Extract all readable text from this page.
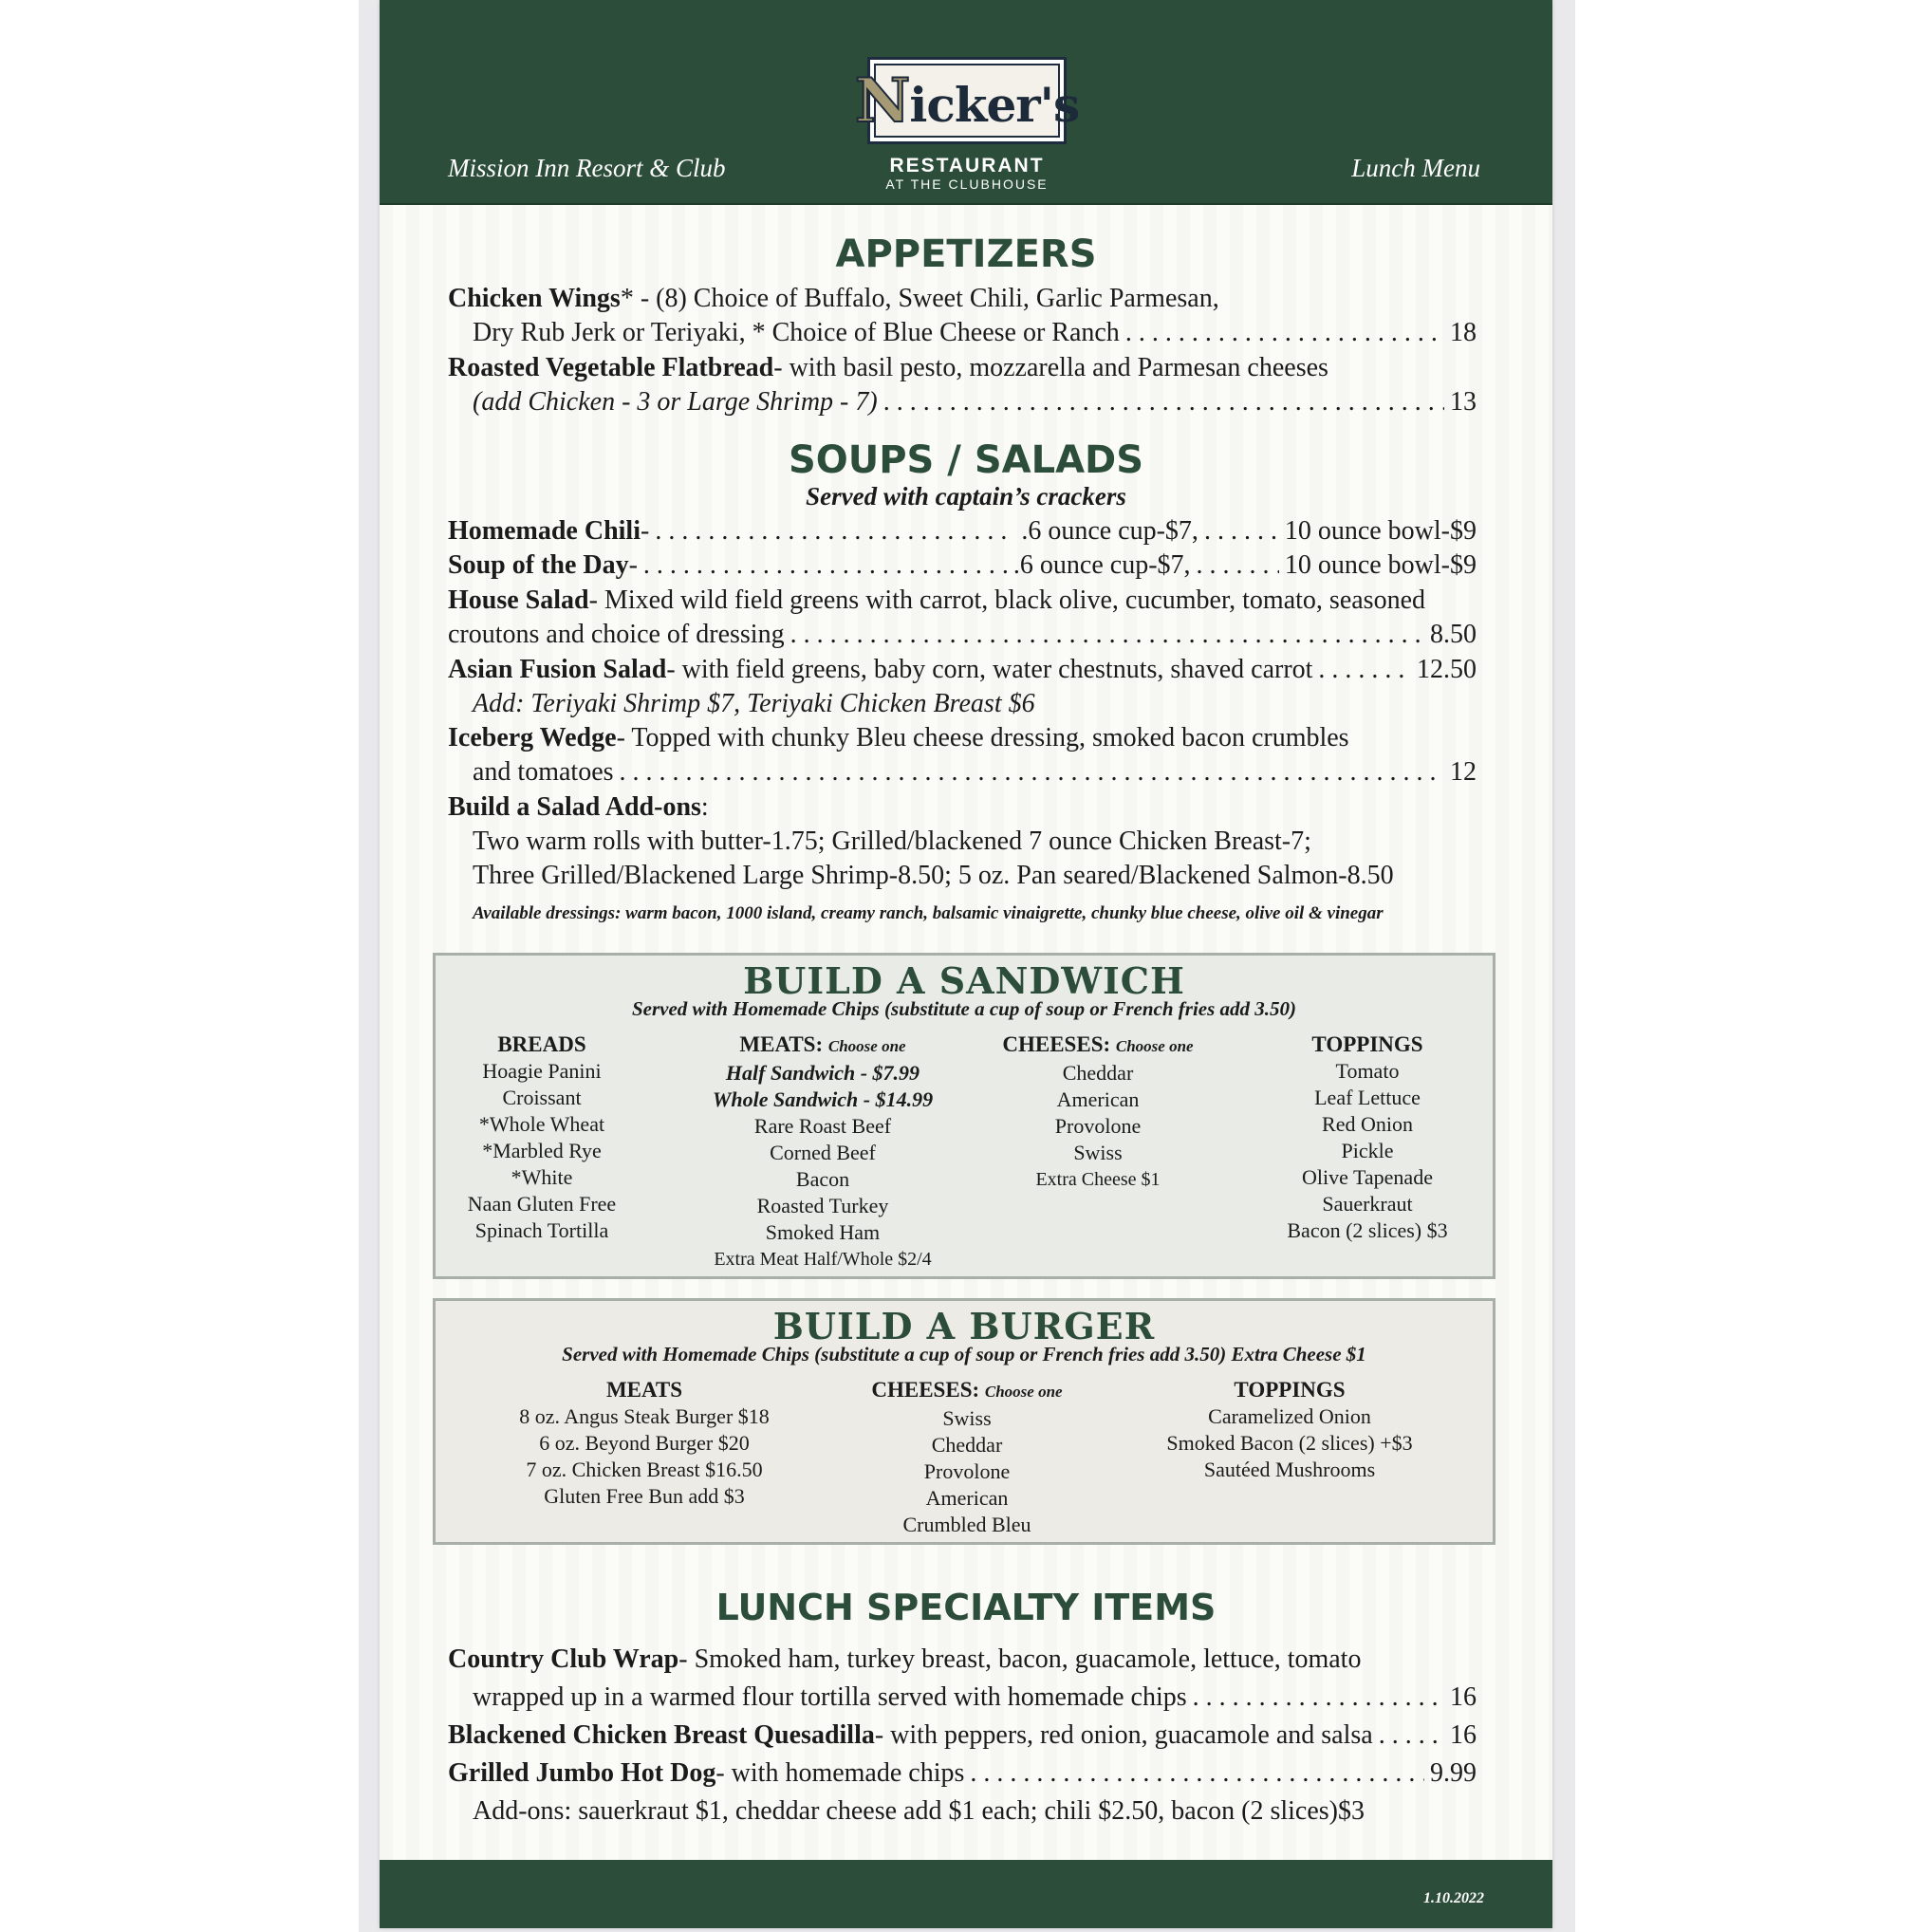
Nicker's
Mission Inn Resort & Club	RESTAURANT
AT THE CLUBHOUSE
Lunch Menu
APPETIZERS
Chicken Wings * - (8) Choice of Buffalo, Sweet Chili, Garlic Parmesan,
Dry Rub Jerk or Teriyaki, * Choice of Blue Cheese or Ranch . . .	18
Roasted Vegetable Flatbread - with basil pesto, mozzarella and Parmesan cheeses
(add Chicken - 3 or Large Shrimp - 7) . . .	13
SOUPS / SALADS
Served with captain’s crackers
Homemade Chili - . . .	.6 ounce cup-$7, . . .	10 ounce bowl-$9
Soup of the Day - . . .	.6 ounce cup-$7, . . .	10 ounce bowl-$9
House Salad - Mixed wild field greens with carrot, black olive, cucumber, tomato, seasoned
croutons and choice of dressing . . .	8.50
Asian Fusion Salad - with field greens, baby corn, water chestnuts, shaved carrot . . .	12.50
Add: Teriyaki Shrimp $7, Teriyaki Chicken Breast $6
Iceberg Wedge - Topped with chunky Bleu cheese dressing, smoked bacon crumbles
and tomatoes . . .	12
Build a Salad Add-ons :
Two warm rolls with butter-1.75; Grilled/blackened 7 ounce Chicken Breast-7;
Three Grilled/Blackened Large Shrimp-8.50; 5 oz. Pan seared/Blackened Salmon-8.50
Available dressings: warm bacon, 1000 island, creamy ranch, balsamic vinaigrette, chunky blue cheese, olive oil & vinegar
BUILD A SANDWICH
Served with Homemade Chips (substitute a cup of soup or French fries add 3.50)
BREADS
Hoagie Panini
Croissant
*Whole Wheat
*Marbled Rye
*White
Naan Gluten Free
Spinach Tortilla
MEATS: Choose one
Half Sandwich - $7.99
Whole Sandwich - $14.99
Rare Roast Beef
Corned Beef
Bacon
Roasted Turkey
Smoked Ham
Extra Meat Half/Whole $2/4
CHEESES: Choose one
Cheddar
American
Provolone
Swiss
Extra Cheese $1
TOPPINGS
Tomato
Leaf Lettuce
Red Onion
Pickle
Olive Tapenade
Sauerkraut
Bacon (2 slices) $3
BUILD A BURGER
Served with Homemade Chips (substitute a cup of soup or French fries add 3.50) Extra Cheese $1
MEATS
8 oz. Angus Steak Burger $18
6 oz. Beyond Burger $20
7 oz. Chicken Breast $16.50
Gluten Free Bun add $3
CHEESES: Choose one
Swiss
Cheddar
Provolone
American
Crumbled Bleu
TOPPINGS
Caramelized Onion
Smoked Bacon (2 slices) +$3
Sautéed Mushrooms
LUNCH SPECIALTY ITEMS
Country Club Wrap - Smoked ham, turkey breast, bacon, guacamole, lettuce, tomato
wrapped up in a warmed flour tortilla served with homemade chips . . .	16
Blackened Chicken Breast Quesadilla - with peppers, red onion, guacamole and salsa . . .	16
Grilled Jumbo Hot Dog - with homemade chips . . .	9.99
Add-ons: sauerkraut $1, cheddar cheese add $1 each; chili $2.50, bacon (2 slices)$3
1.10.2022
